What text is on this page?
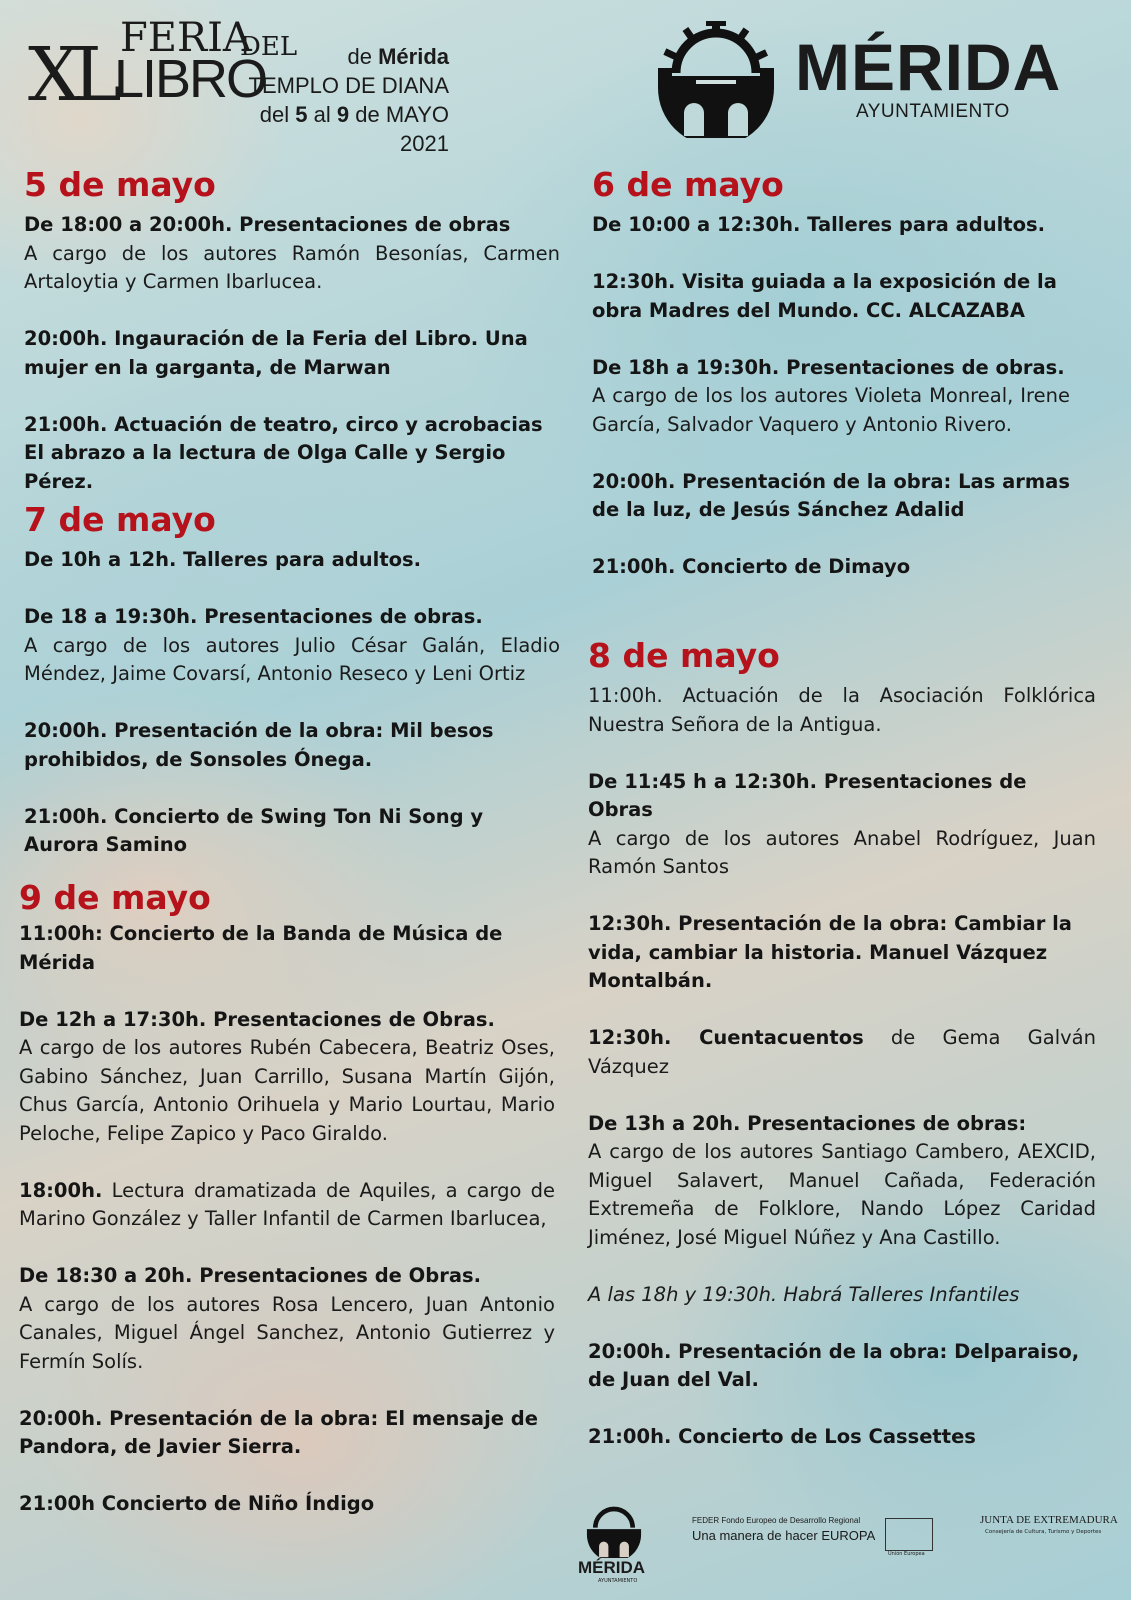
XL FERIA
DEL
LIBRO	de Mérida
TEMPLO DE DIANA
del 5 al 9 de MAYO
2021
MÉRIDA
AYUNTAMIENTO
5 de mayo
De 18:00 a 20:00h. Presentaciones de obras
A cargo de los autores Ramón Besonías, Carmen Artaloytia y Carmen Ibarlucea.
20:00h. Ingauración de la Feria del Libro. Una mujer en la garganta, de Marwan
21:00h. Actuación de teatro, circo y acrobacias El abrazo a la lectura de Olga Calle y Sergio Pérez.
7 de mayo
De 10h a 12h. Talleres para adultos.
De 18 a 19:30h. Presentaciones de obras.
A cargo de los autores Julio César Galán, Eladio Méndez, Jaime Covarsí, Antonio Reseco y Leni Ortiz
20:00h. Presentación de la obra: Mil besos prohibidos, de Sonsoles Ónega.
21:00h. Concierto de Swing Ton Ni Song y Aurora Samino
9 de mayo
11:00h: Concierto de la Banda de Música de Mérida
De 12h a 17:30h. Presentaciones de Obras.
A cargo de los autores Rubén Cabecera, Beatriz Oses, Gabino Sánchez, Juan Carrillo, Susana Martín Gijón, Chus García, Antonio Orihuela y Mario Lourtau, Mario Peloche, Felipe Zapico y Paco Giraldo.
18:00h. Lectura dramatizada de Aquiles, a cargo de Marino González y Taller Infantil de Carmen Ibarlucea,
De 18:30 a 20h. Presentaciones de Obras.
A cargo de los autores Rosa Lencero, Juan Antonio Canales, Miguel Ángel Sanchez, Antonio Gutierrez y Fermín Solís.
20:00h. Presentación de la obra: El mensaje de Pandora, de Javier Sierra.
21:00h Concierto de Niño Índigo
6 de mayo
De 10:00 a 12:30h. Talleres para adultos.
12:30h. Visita guiada a la exposición de la obra Madres del Mundo. CC. ALCAZABA
De 18h a 19:30h. Presentaciones de obras.
A cargo de los los autores Violeta Monreal, Irene García, Salvador Vaquero y Antonio Rivero.
20:00h. Presentación de la obra: Las armas de la luz, de Jesús Sánchez Adalid
21:00h. Concierto de Dimayo
8 de mayo
11:00h. Actuación de la Asociación Folklórica Nuestra Señora de la Antigua.
De 11:45 h a 12:30h. Presentaciones de Obras
A cargo de los autores Anabel Rodríguez, Juan Ramón Santos
12:30h. Presentación de la obra: Cambiar la vida, cambiar la historia. Manuel Vázquez Montalbán.
12:30h. Cuentacuentos de Gema Galván Vázquez
De 13h a 20h. Presentaciones de obras:
A cargo de los autores Santiago Cambero, AEXCID, Miguel Salavert, Manuel Cañada, Federación Extremeña de Folklore, Nando López Caridad Jiménez, José Miguel Núñez y Ana Castillo.
A las 18h y 19:30h. Habrá Talleres Infantiles
20:00h. Presentación de la obra: Delparaiso, de Juan del Val.
21:00h. Concierto de Los Cassettes
MÉRIDA
AYUNTAMIENTO
FEDER Fondo Europeo de Desarrollo Regional
Una manera de hacer EUROPA
Unión Europea
JUNTA DE EXTREMADURA
Consejería de Cultura, Turismo y Deportes
